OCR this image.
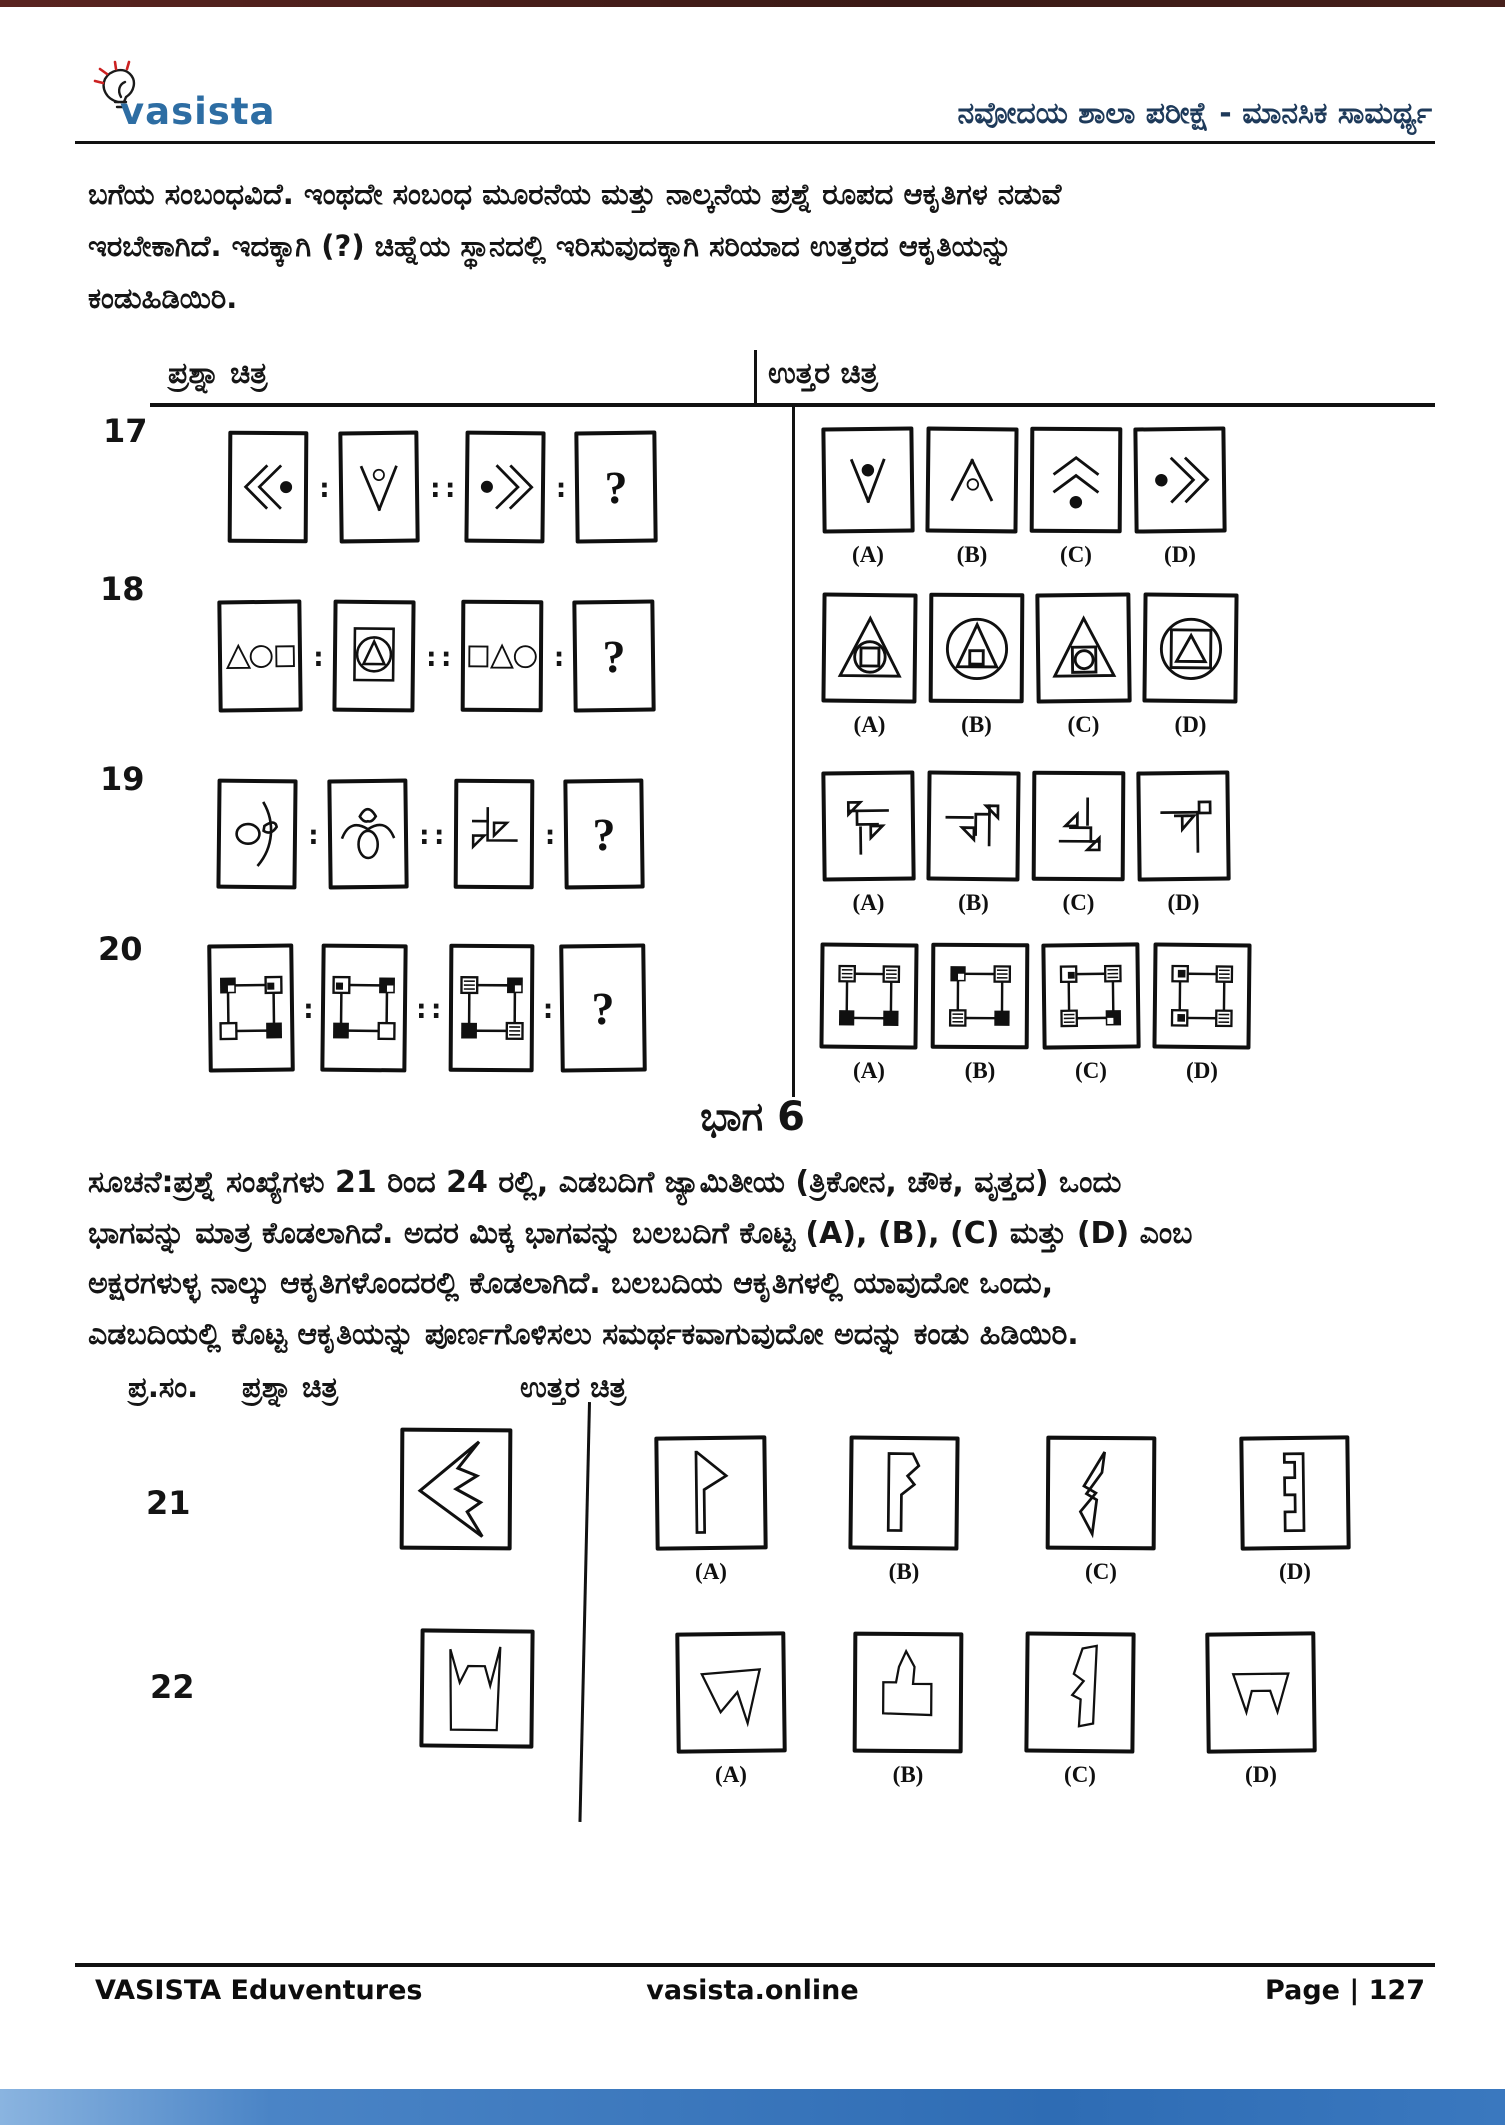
vasista	ನವೋದಯ ಶಾಲಾ ಪರೀಕ್ಷೆ - ಮಾನಸಿಕ ಸಾಮರ್ಥ್ಯ
ಬಗೆಯ ಸಂಬಂಧವಿದೆ. ಇಂಥದೇ ಸಂಬಂಧ ಮೂರನೆಯ ಮತ್ತು ನಾಲ್ಕನೆಯ ಪ್ರಶ್ನೆ ರೂಪದ ಆಕೃತಿಗಳ ನಡುವೆ
ಇರಬೇಕಾಗಿದೆ. ಇದಕ್ಕಾಗಿ (?) ಚಿಹ್ನೆಯ ಸ್ಥಾನದಲ್ಲಿ ಇರಿಸುವುದಕ್ಕಾಗಿ ಸರಿಯಾದ ಉತ್ತರದ ಆಕೃತಿಯನ್ನು
ಕಂಡುಹಿಡಿಯಿರಿ.
ಪ್ರಶ್ನಾ ಚಿತ್ರ	ಉತ್ತರ ಚಿತ್ರ
17
:	::	: ?
(A)	(B)	(C)	(D)
18
:	::	: ?
(A)	(B)	(C)	(D)
19
:	::	: ?
(A)	(B)	(C)	(D)
20
:	::	: ?
(A)	(B)	(C)	(D)
ಭಾಗ 6
ಸೂಚನೆ:ಪ್ರಶ್ನೆ ಸಂಖ್ಯೆಗಳು 21 ರಿಂದ 24 ರಲ್ಲಿ, ಎಡಬದಿಗೆ ಜ್ಯಾಮಿತೀಯ (ತ್ರಿಕೋನ, ಚೌಕ, ವೃತ್ತದ) ಒಂದು
ಭಾಗವನ್ನು ಮಾತ್ರ ಕೊಡಲಾಗಿದೆ. ಅದರ ಮಿಕ್ಕ ಭಾಗವನ್ನು ಬಲಬದಿಗೆ ಕೊಟ್ಟ (A), (B), (C) ಮತ್ತು (D) ಎಂಬ
ಅಕ್ಷರಗಳುಳ್ಳ ನಾಲ್ಕು ಆಕೃತಿಗಳೊಂದರಲ್ಲಿ ಕೊಡಲಾಗಿದೆ. ಬಲಬದಿಯ ಆಕೃತಿಗಳಲ್ಲಿ ಯಾವುದೋ ಒಂದು,
ಎಡಬದಿಯಲ್ಲಿ ಕೊಟ್ಟ ಆಕೃತಿಯನ್ನು ಪೂರ್ಣಗೊಳಿಸಲು ಸಮರ್ಥಕವಾಗುವುದೋ ಅದನ್ನು ಕಂಡು ಹಿಡಿಯಿರಿ.
ಪ್ರ.ಸಂ. ಪ್ರಶ್ನಾ ಚಿತ್ರ	ಉತ್ತರ ಚಿತ್ರ
21
(A)	(B)	(C)	(D)
22
(A)	(B)	(C)	(D)
VASISTA Eduventures	vasista.online	Page | 127
